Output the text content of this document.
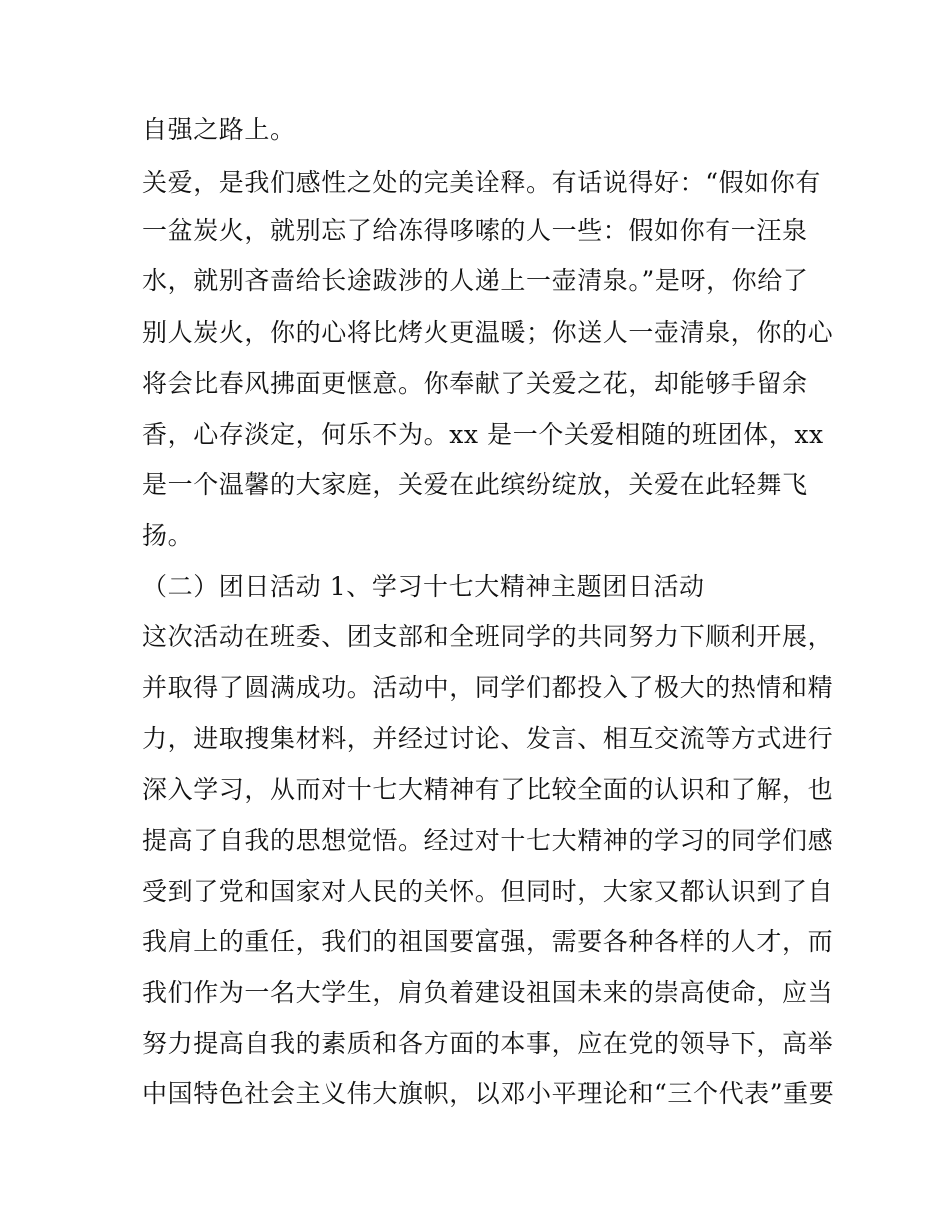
自强之路上。
关爱，是我们感性之处的完美诠释。有话说得好：“假如你有
一盆炭火，就别忘了给冻得哆嗦的人一些：假如你有一汪泉
水，就别吝啬给长途跋涉的人递上一壶清泉。”是呀，你给了
别人炭火，你的心将比烤火更温暖；你送人一壶清泉，你的心
将会比春风拂面更惬意。你奉献了关爱之花，却能够手留余
香，心存淡定，何乐不为。xx 是一个关爱相随的班团体，xx
是一个温馨的大家庭，关爱在此缤纷绽放，关爱在此轻舞飞
扬。
（二）团日活动 1、学习十七大精神主题团日活动
这次活动在班委、团支部和全班同学的共同努力下顺利开展，
并取得了圆满成功。活动中，同学们都投入了极大的热情和精
力，进取搜集材料，并经过讨论、发言、相互交流等方式进行
深入学习，从而对十七大精神有了比较全面的认识和了解，也
提高了自我的思想觉悟。经过对十七大精神的学习的同学们感
受到了党和国家对人民的关怀。但同时，大家又都认识到了自
我肩上的重任，我们的祖国要富强，需要各种各样的人才，而
我们作为一名大学生，肩负着建设祖国未来的崇高使命，应当
努力提高自我的素质和各方面的本事，应在党的领导下，高举
中国特色社会主义伟大旗帜，以邓小平理论和“三个代表”重要
